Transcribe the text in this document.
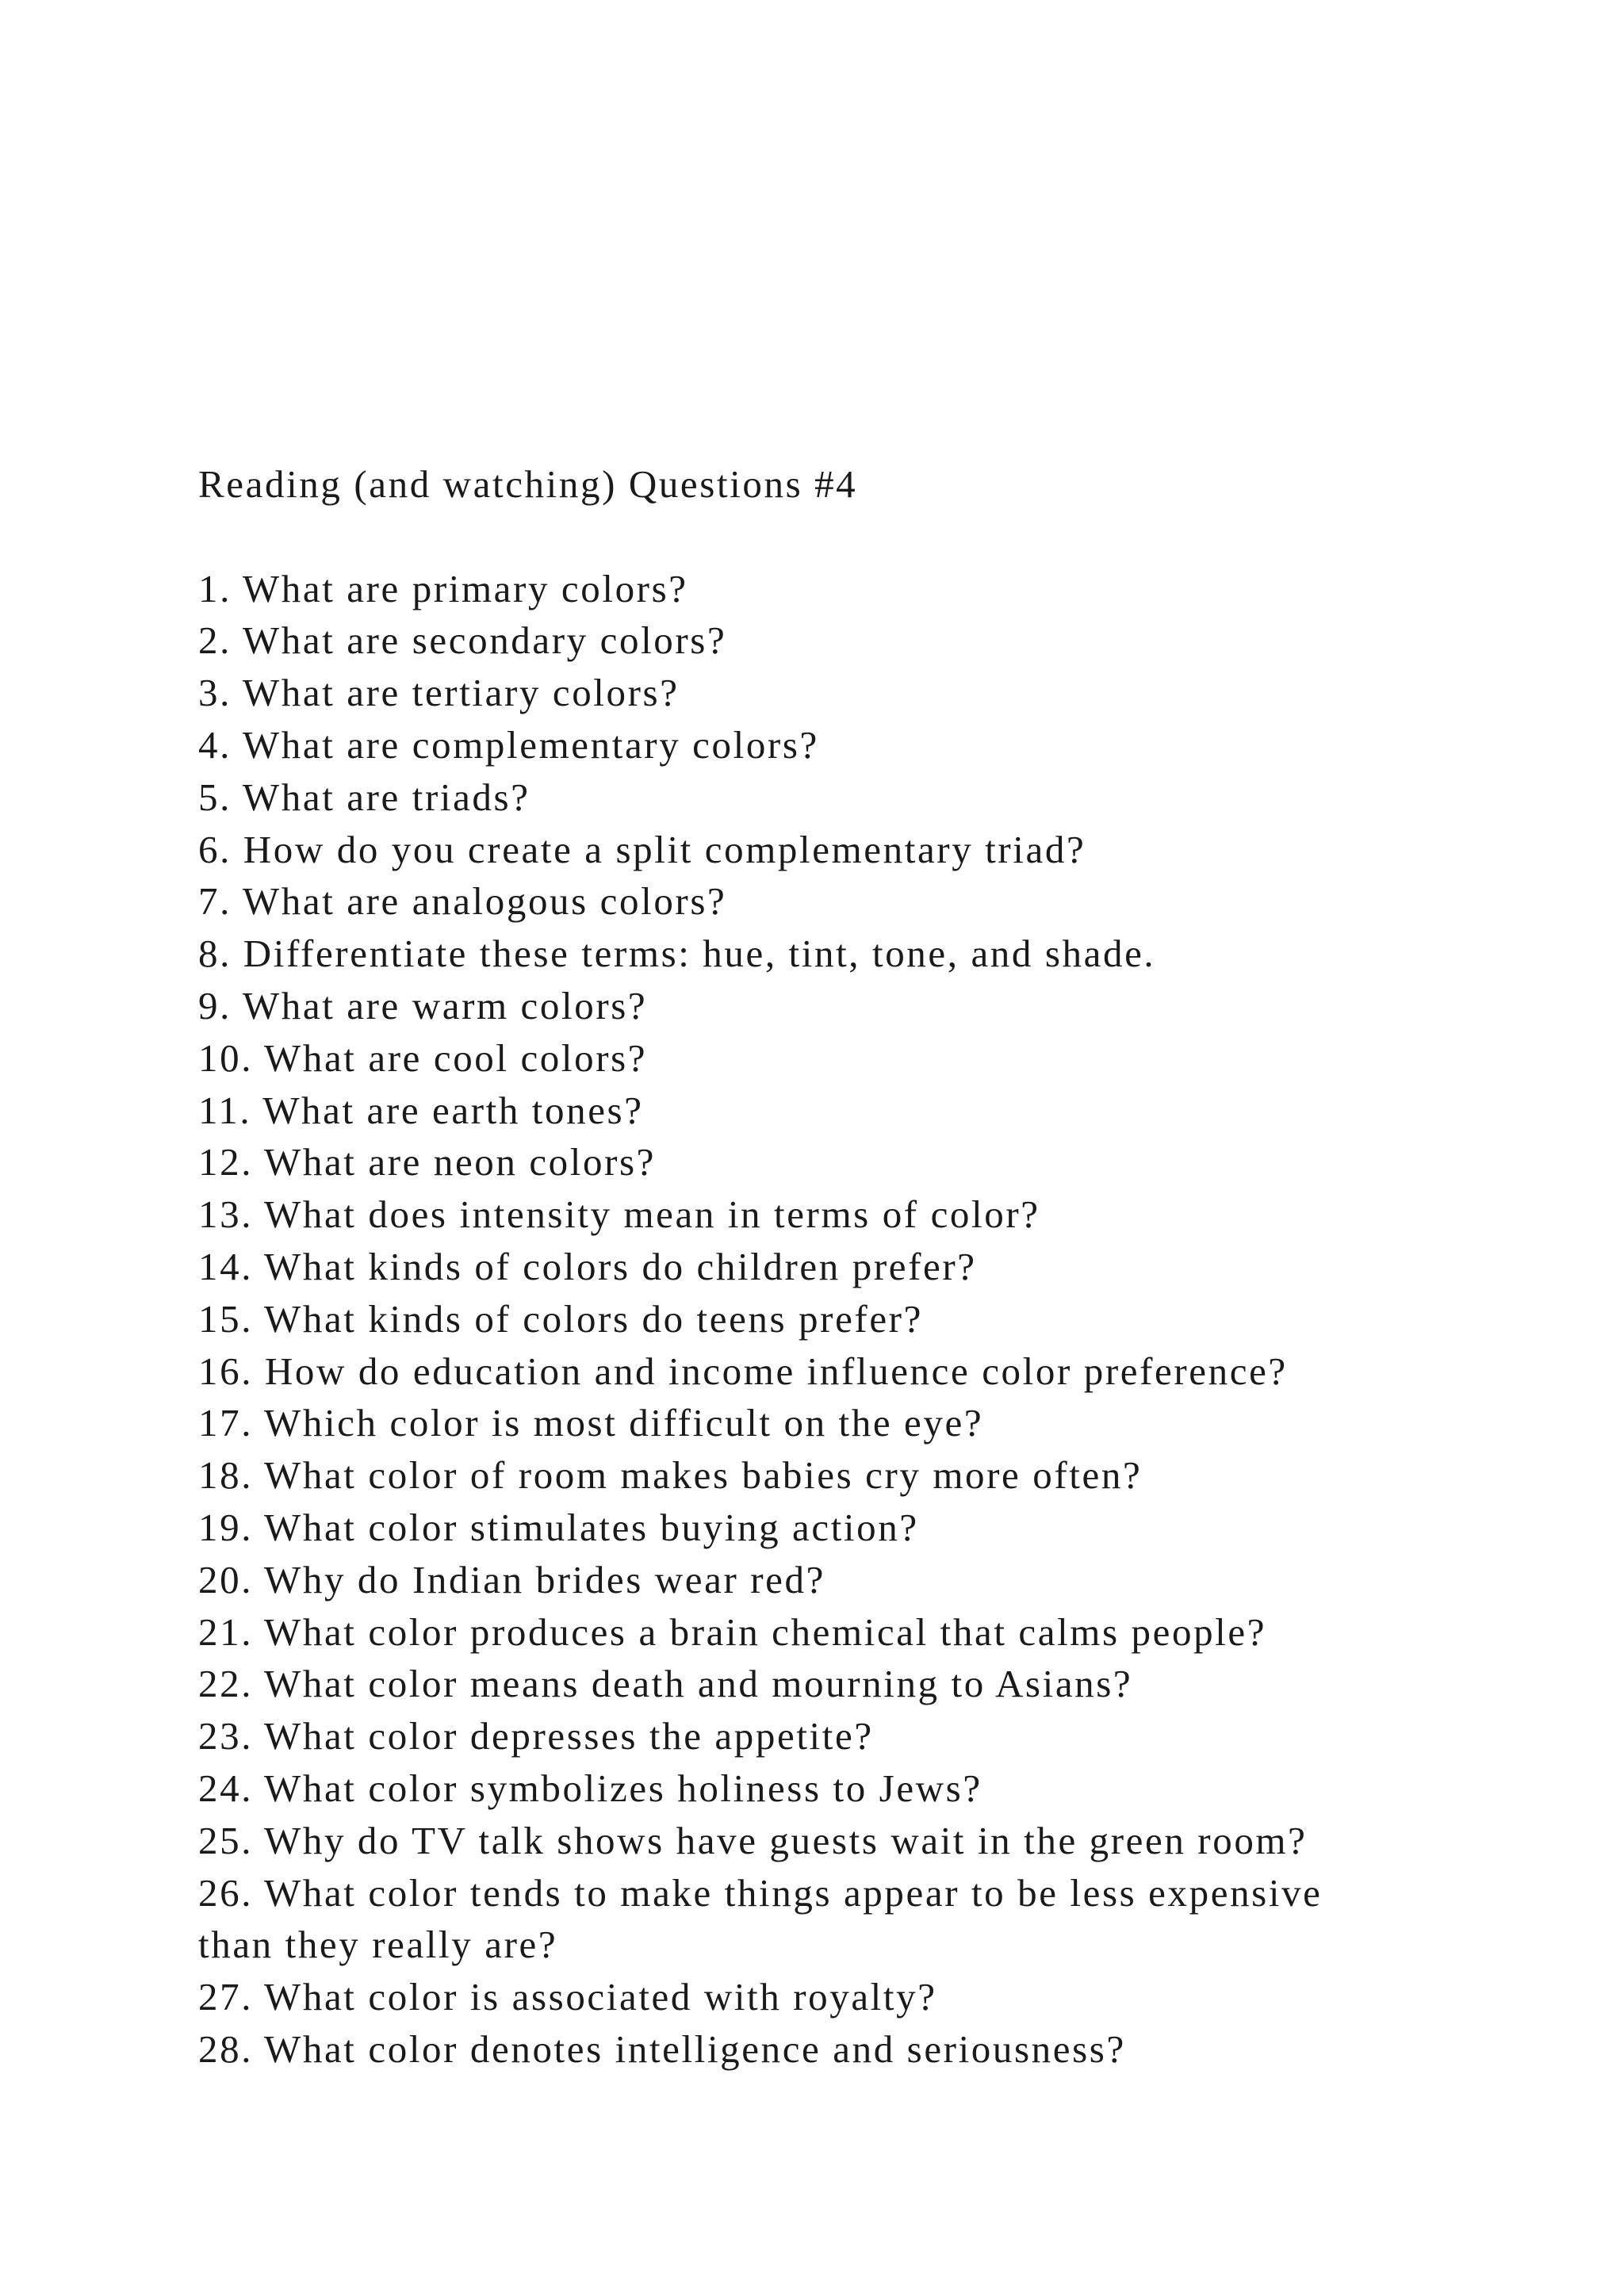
Reading (and watching) Questions #4
1. What are primary colors?
2. What are secondary colors?
3. What are tertiary colors?
4. What are complementary colors?
5. What are triads?
6. How do you create a split complementary triad?
7. What are analogous colors?
8. Differentiate these terms: hue, tint, tone, and shade.
9. What are warm colors?
10. What are cool colors?
11. What are earth tones?
12. What are neon colors?
13. What does intensity mean in terms of color?
14. What kinds of colors do children prefer?
15. What kinds of colors do teens prefer?
16. How do education and income influence color preference?
17. Which color is most difficult on the eye?
18. What color of room makes babies cry more often?
19. What color stimulates buying action?
20. Why do Indian brides wear red?
21. What color produces a brain chemical that calms people?
22. What color means death and mourning to Asians?
23. What color depresses the appetite?
24. What color symbolizes holiness to Jews?
25. Why do TV talk shows have guests wait in the green room?
26. What color tends to make things appear to be less expensive
than they really are?
27. What color is associated with royalty?
28. What color denotes intelligence and seriousness?
